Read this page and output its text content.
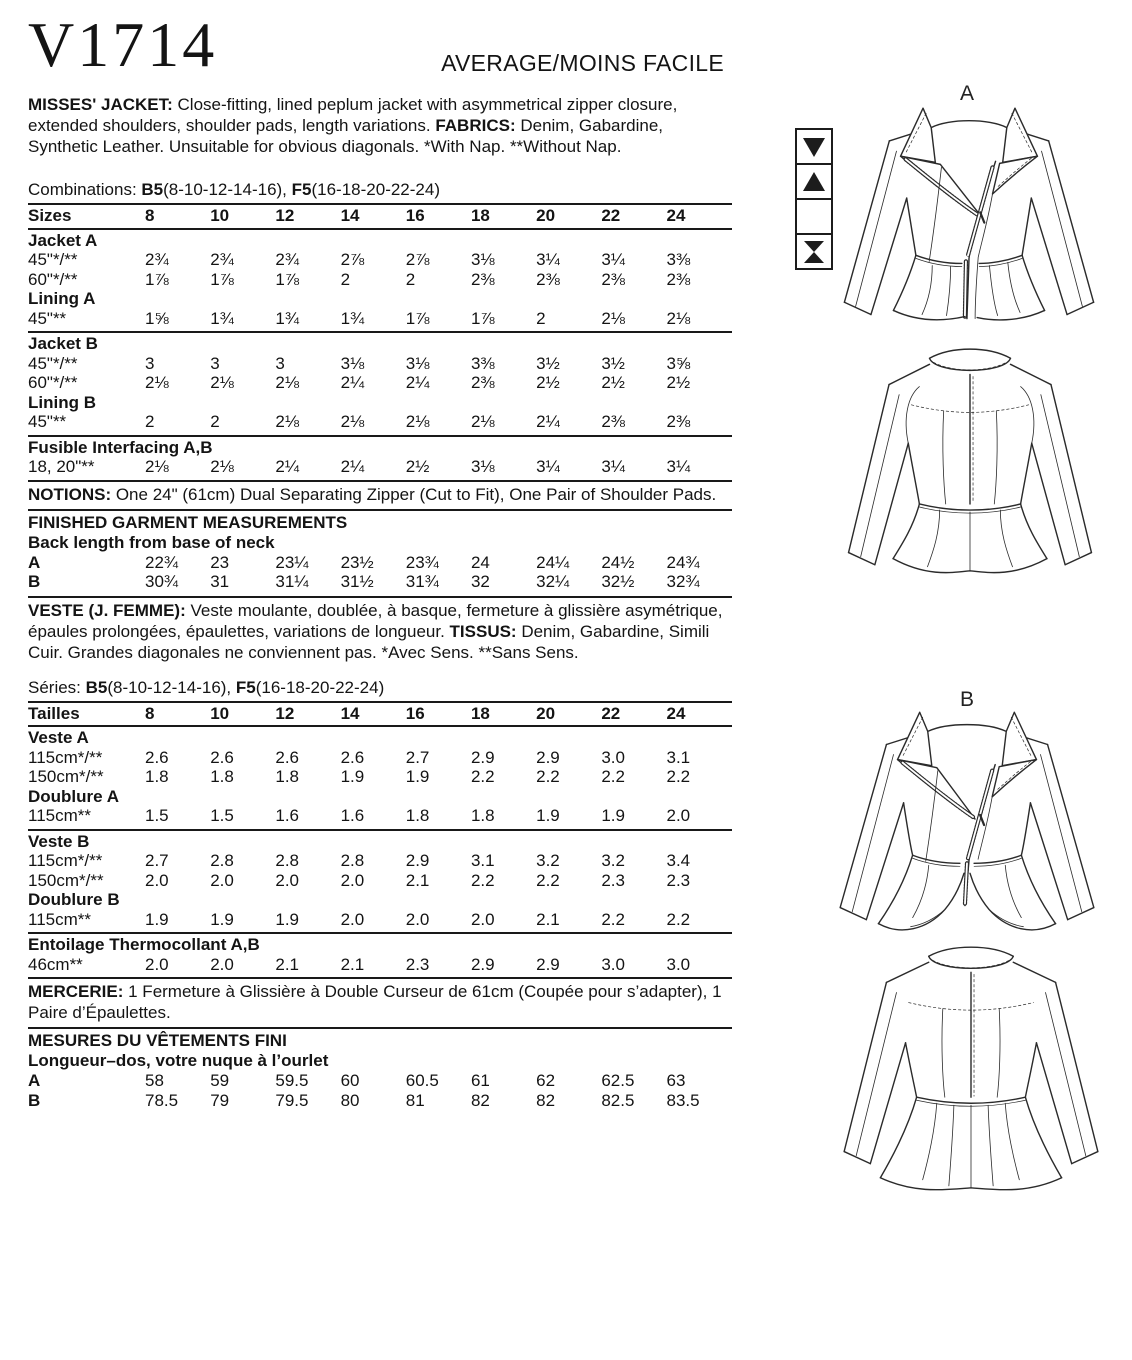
V1714	AVERAGE/MOINS FACILE

MISSES' JACKET: Close-fitting, lined peplum jacket with asymmetrical zipper closure, extended shoulders, shoulder pads, length variations. FABRICS: Denim, Gabardine, Synthetic Leather. Unsuitable for obvious diagonals. *With Nap. **Without Nap.

Combinations: B5(8-10-12-14-16), F5(16-18-20-22-24)

Sizes	8	10	12	14	16	18	20	22	24
Jacket A
45"*/**	2¾	2¾	2¾	2⅞	2⅞	3⅛	3¼	3¼	3⅜
60"*/**	1⅞	1⅞	1⅞	2	2	2⅜	2⅜	2⅜	2⅜
Lining A
45"**	1⅝	1¾	1¾	1¾	1⅞	1⅞	2	2⅛	2⅛
Jacket B
45"*/**	3	3	3	3⅛	3⅛	3⅜	3½	3½	3⅝
60"*/**	2⅛	2⅛	2⅛	2¼	2¼	2⅜	2½	2½	2½
Lining B
45"**	2	2	2⅛	2⅛	2⅛	2⅛	2¼	2⅜	2⅜
Fusible Interfacing A,B
18, 20"**	2⅛	2⅛	2¼	2¼	2½	3⅛	3¼	3¼	3¼

NOTIONS: One 24" (61cm) Dual Separating Zipper (Cut to Fit), One Pair of Shoulder Pads.

FINISHED GARMENT MEASUREMENTS
Back length from base of neck
A	22¾	23	23¼	23½	23¾	24	24¼	24½	24¾
B	30¾	31	31¼	31½	31¾	32	32¼	32½	32¾

VESTE (J. FEMME): Veste moulante, doublée, à basque, fermeture à glissière asymétrique, épaules prolongées, épaulettes, variations de longueur. TISSUS: Denim, Gabardine, Simili Cuir. Grandes diagonales ne conviennent pas. *Avec Sens. **Sans Sens.

Séries: B5(8-10-12-14-16), F5(16-18-20-22-24)

Tailles	8	10	12	14	16	18	20	22	24
Veste A
115cm*/**	2.6	2.6	2.6	2.6	2.7	2.9	2.9	3.0	3.1
150cm*/**	1.8	1.8	1.8	1.9	1.9	2.2	2.2	2.2	2.2
Doublure A
115cm**	1.5	1.5	1.6	1.6	1.8	1.8	1.9	1.9	2.0
Veste B
115cm*/**	2.7	2.8	2.8	2.8	2.9	3.1	3.2	3.2	3.4
150cm*/**	2.0	2.0	2.0	2.0	2.1	2.2	2.2	2.3	2.3
Doublure B
115cm**	1.9	1.9	1.9	2.0	2.0	2.0	2.1	2.2	2.2
Entoilage Thermocollant A,B
46cm**	2.0	2.0	2.1	2.1	2.3	2.9	2.9	3.0	3.0

MERCERIE: 1 Fermeture à Glissière à Double Curseur de 61cm (Coupée pour s’adapter), 1 Paire d’Épaulettes.

MESURES DU VÊTEMENTS FINI
Longueur–dos, votre nuque à l’ourlet
A	58	59	59.5	60	60.5	61	62	62.5	63
B	78.5	79	79.5	80	81	82	82	82.5	83.5
A
B
